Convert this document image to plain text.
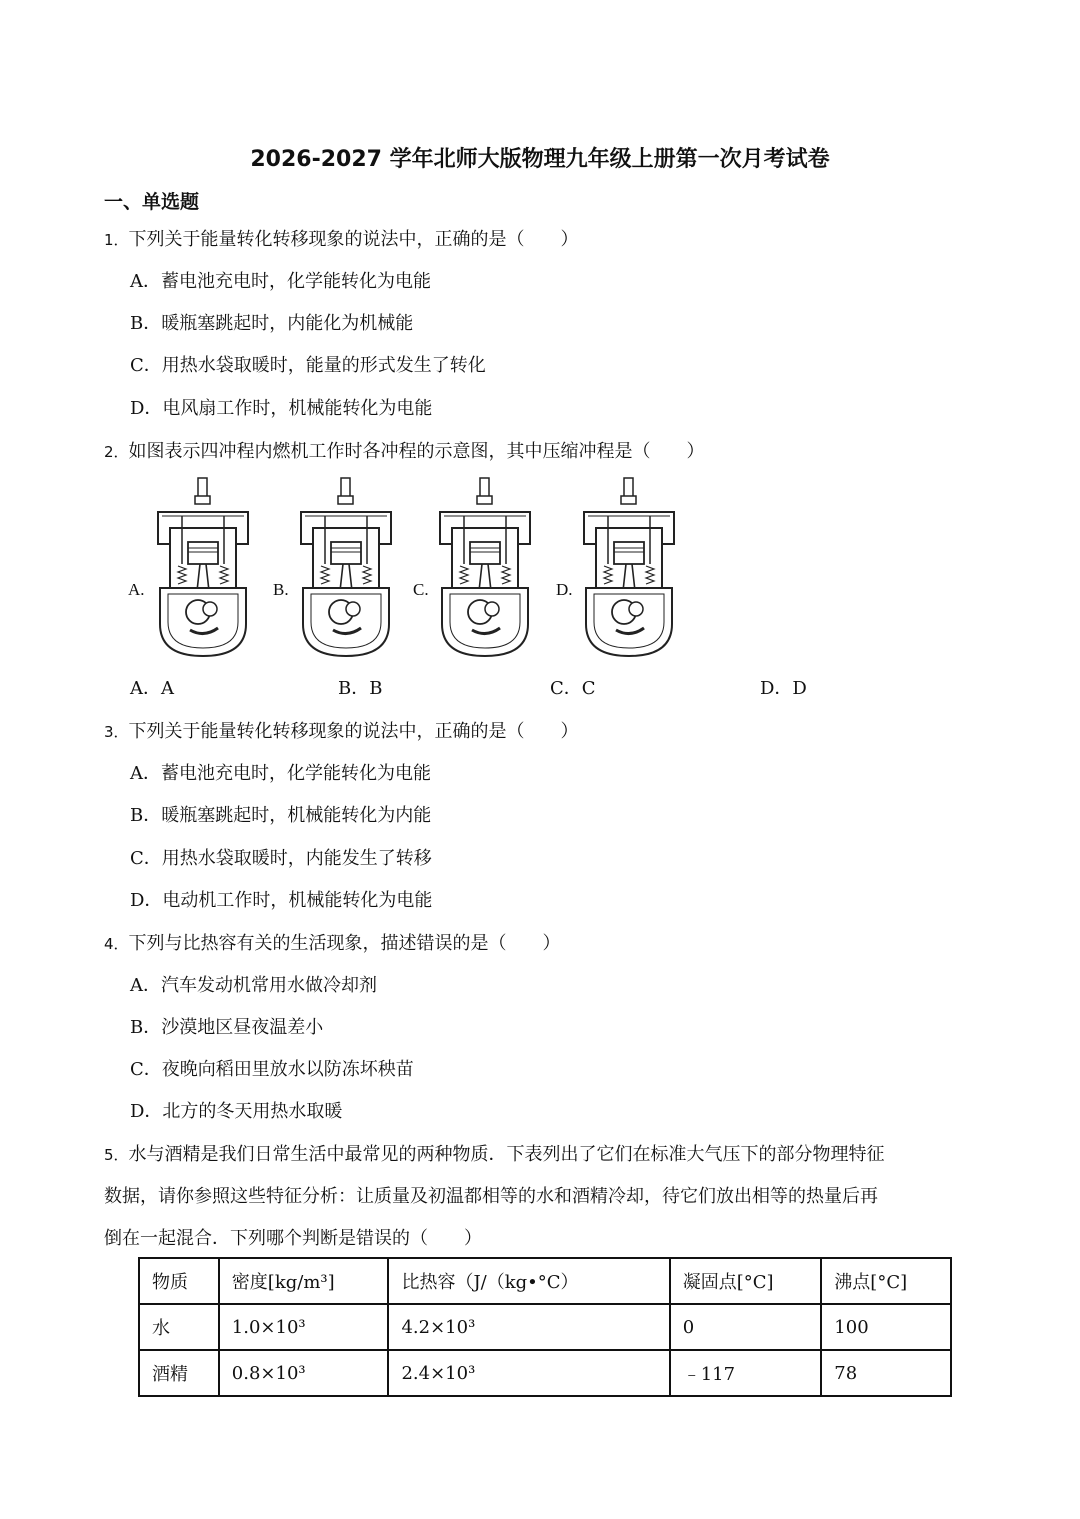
2026-2027 学年北师大版物理九年级上册第一次月考试卷
一、单选题
1．下列关于能量转化转移现象的说法中，正确的是（　　）
A．蓄电池充电时，化学能转化为电能
B．暖瓶塞跳起时，内能化为机械能
C．用热水袋取暖时，能量的形式发生了转化
D．电风扇工作时，机械能转化为电能
2．如图表示四冲程内燃机工作时各冲程的示意图，其中压缩冲程是（　　）
A.	B.	C.	D.
A．A	B．B	C．C	D．D
3．下列关于能量转化转移现象的说法中，正确的是（　　）
A．蓄电池充电时，化学能转化为电能
B．暖瓶塞跳起时，机械能转化为内能
C．用热水袋取暖时，内能发生了转移
D．电动机工作时，机械能转化为电能
4．下列与比热容有关的生活现象，描述错误的是（　　）
A．汽车发动机常用水做冷却剂
B．沙漠地区昼夜温差小
C．夜晚向稻田里放水以防冻坏秧苗
D．北方的冬天用热水取暖
5．水与酒精是我们日常生活中最常见的两种物质．下表列出了它们在标准大气压下的部分物理特征
数据，请你参照这些特征分析：让质量及初温都相等的水和酒精冷却，待它们放出相等的热量后再
倒在一起混合．下列哪个判断是错误的（　　）
物质	密度[kg/m³]	比热容（J/（kg•°C）	凝固点[°C]	沸点[°C]
水	1.0×10³	4.2×10³	0	100
酒精	0.8×10³	2.4×10³	﹣117	78
